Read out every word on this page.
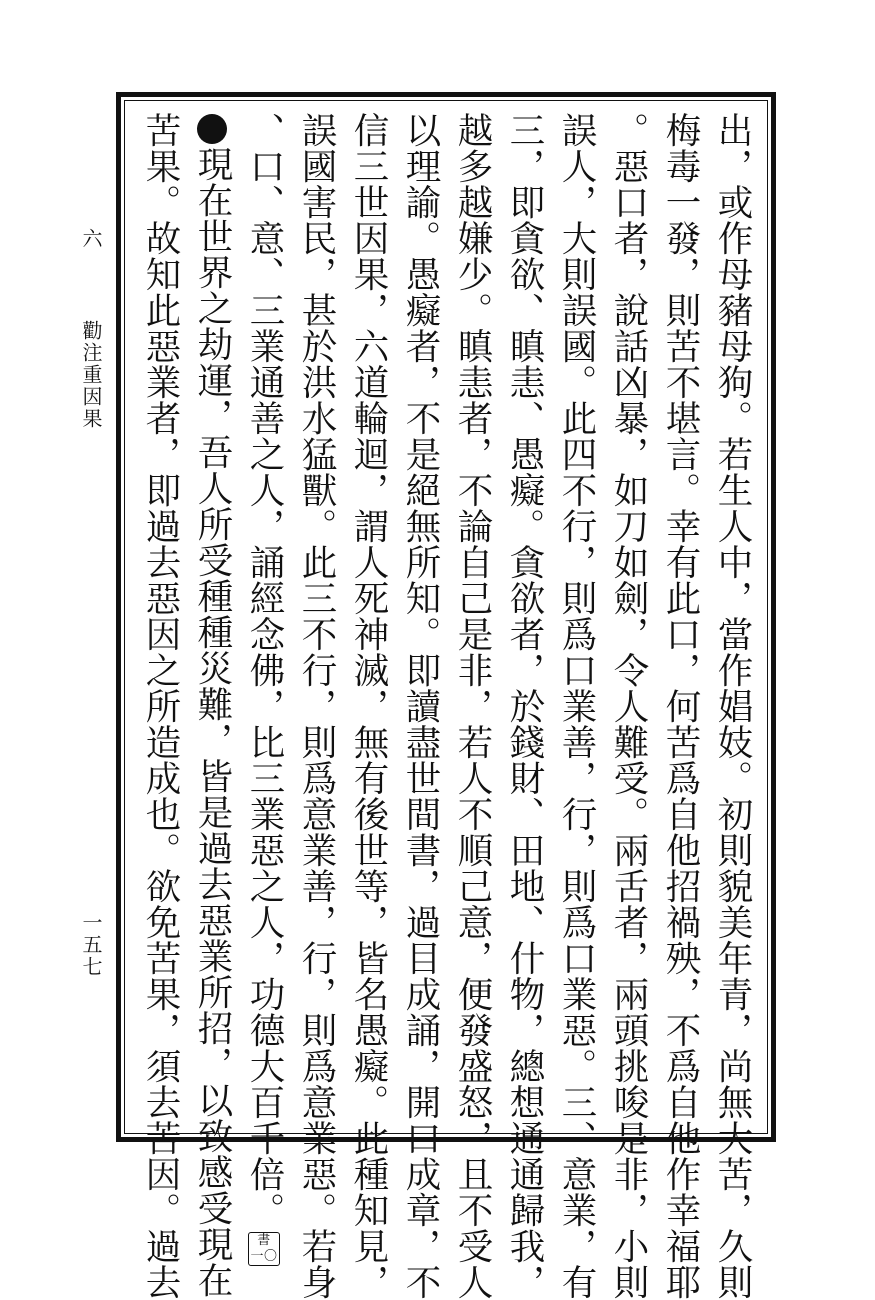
六  勸注重因果
一五七	出，或作母豬母狗。若生人中，當作娼妓。初則貌美年青，尚無大苦，久則
梅毒一發，則苦不堪言。幸有此口，何苦爲自他招禍殃，不爲自他作幸福耶
。惡口者，說話凶暴，如刀如劍，令人難受。兩舌者，兩頭挑唆是非，小則
誤人，大則誤國。此四不行，則爲口業善，行，則爲口業惡。三、意業，有
三，即貪欲、瞋恚、愚癡。貪欲者，於錢財、田地、什物，總想通通歸我，
越多越嫌少。瞋恚者，不論自己是非，若人不順己意，便發盛怒，且不受人
以理諭。愚癡者，不是絕無所知。即讀盡世間書，過目成誦，開口成章，不
信三世因果，六道輪迴，謂人死神滅，無有後世等，皆名愚癡。此種知見，
誤國害民，甚於洪水猛獸。此三不行，則爲意業善，行，則爲意業惡。若身
、口、意、三業通善之人，誦經念佛，比三業惡之人，功德大百千倍。書
一〇
現在世界之劫運，吾人所受種種災難，皆是過去惡業所招，以致感受現在
苦果。故知此惡業者，即過去惡因之所造成也。欲免苦果，須去苦因。過去
